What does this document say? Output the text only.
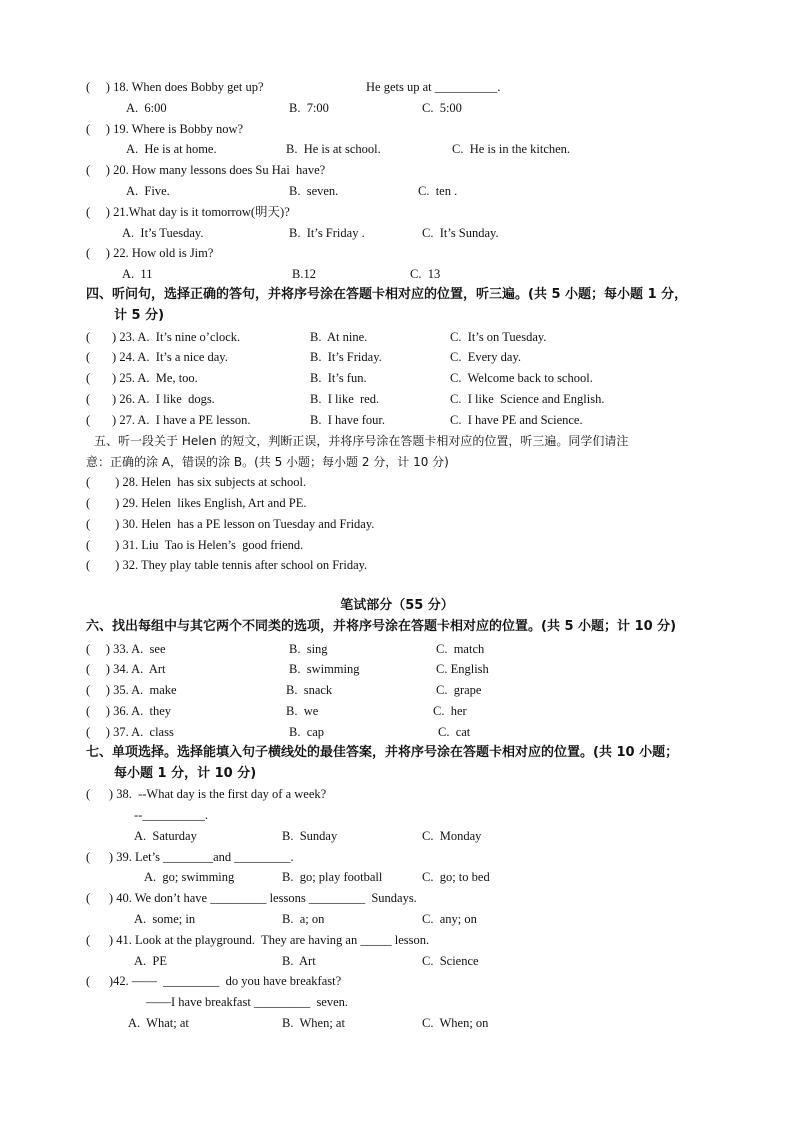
(     ) 18. When does Bobby get up?	He gets up at __________.
A.  6:00	B.  7:00	C.  5:00
(     ) 19. Where is Bobby now?
A.  He is at home.	B.  He is at school.	C.  He is in the kitchen.
(     ) 20. How many lessons does Su Hai  have?
A.  Five.	B.  seven.	C.  ten .
(     ) 21.What day is it tomorrow(明天)?
A.  It’s Tuesday.	B.  It’s Friday .	C.  It’s Sunday.
(     ) 22. How old is Jim?
A.  11	B.12	C.  13
四、听问句，选择正确的答句，并将序号涂在答题卡相对应的位置，听三遍。(共 5 小题；每小题 1 分，
计 5 分)
(       ) 23. A.  It’s nine o’clock.	B.  At nine.	C.  It’s on Tuesday.
(       ) 24. A.  It’s a nice day.	B.  It’s Friday.	C.  Every day.
(       ) 25. A.  Me, too.	B.  It’s fun.	C.  Welcome back to school.
(       ) 26. A.  I like  dogs.	B.  I like  red.	C.  I like  Science and English.
(       ) 27. A.  I have a PE lesson.	B.  I have four.	C.  I have PE and Science.
五、听一段关于 Helen 的短文，判断正误，并将序号涂在答题卡相对应的位置，听三遍。同学们请注
意：正确的涂 A，错误的涂 B。(共 5 小题；每小题 2 分，计 10 分)
(        ) 28. Helen  has six subjects at school.
(        ) 29. Helen  likes English, Art and PE.
(        ) 30. Helen  has a PE lesson on Tuesday and Friday.
(        ) 31. Liu  Tao is Helen’s  good friend.
(        ) 32. They play table tennis after school on Friday.
笔试部分（55 分）
六、找出每组中与其它两个不同类的选项，并将序号涂在答题卡相对应的位置。(共 5 小题；计 10 分)
(     ) 33. A.  see	B.  sing	C.  match
(     ) 34. A.  Art	B.  swimming	C. English
(     ) 35. A.  make	B.  snack	C.  grape
(     ) 36. A.  they	B.  we	C.  her
(     ) 37. A.  class	B.  cap	C.  cat
七、单项选择。选择能填入句子横线处的最佳答案，并将序号涂在答题卡相对应的位置。(共 10 小题；
每小题 1 分，计 10 分)
(      ) 38.  --What day is the first day of a week?
--__________.
A.  Saturday	B.  Sunday	C.  Monday
(      ) 39. Let’s ________and _________.
A.  go; swimming	B.  go; play football	C.  go; to bed
(      ) 40. We don’t have _________ lessons _________  Sundays.
A.  some; in	B.  a; on	C.  any; on
(      ) 41. Look at the playground.  They are having an _____ lesson.
A.  PE	B.  Art	C.  Science
(      )42. ——  _________  do you have breakfast?
——I have breakfast _________  seven.
A.  What; at	B.  When; at	C.  When; on
